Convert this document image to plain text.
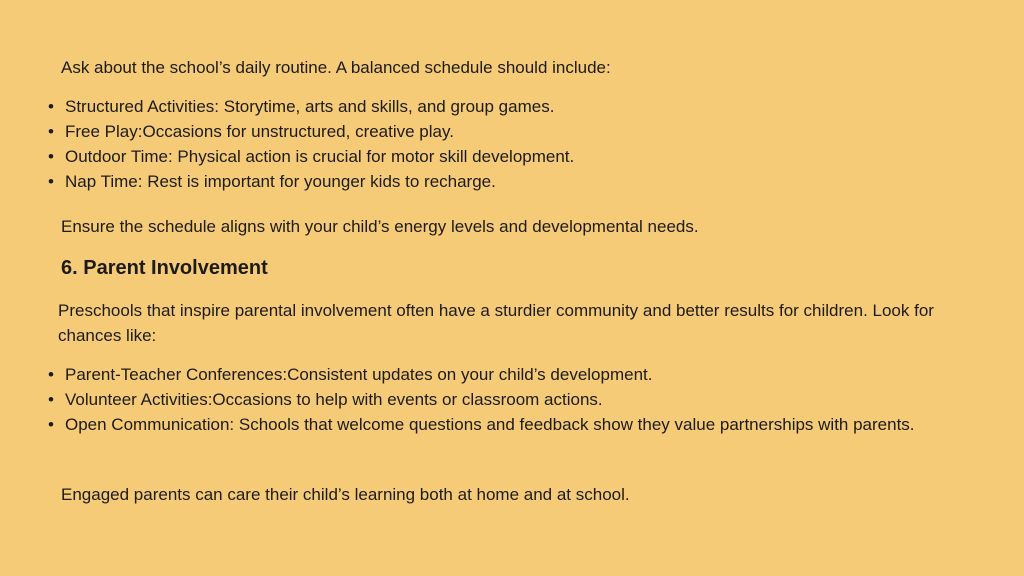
Ask about the school’s daily routine. A balanced schedule should include:

• Structured Activities: Storytime, arts and skills, and group games.
• Free Play:Occasions for unstructured, creative play.
• Outdoor Time: Physical action is crucial for motor skill development.
• Nap Time: Rest is important for younger kids to recharge.

Ensure the schedule aligns with your child’s energy levels and developmental needs.

6. Parent Involvement

Preschools that inspire parental involvement often have a sturdier community and better results for children. Look for chances like:

• Parent-Teacher Conferences:Consistent updates on your child’s development.
• Volunteer Activities:Occasions to help with events or classroom actions.
• Open Communication: Schools that welcome questions and feedback show they value partnerships with parents.

Engaged parents can care their child’s learning both at home and at school.
